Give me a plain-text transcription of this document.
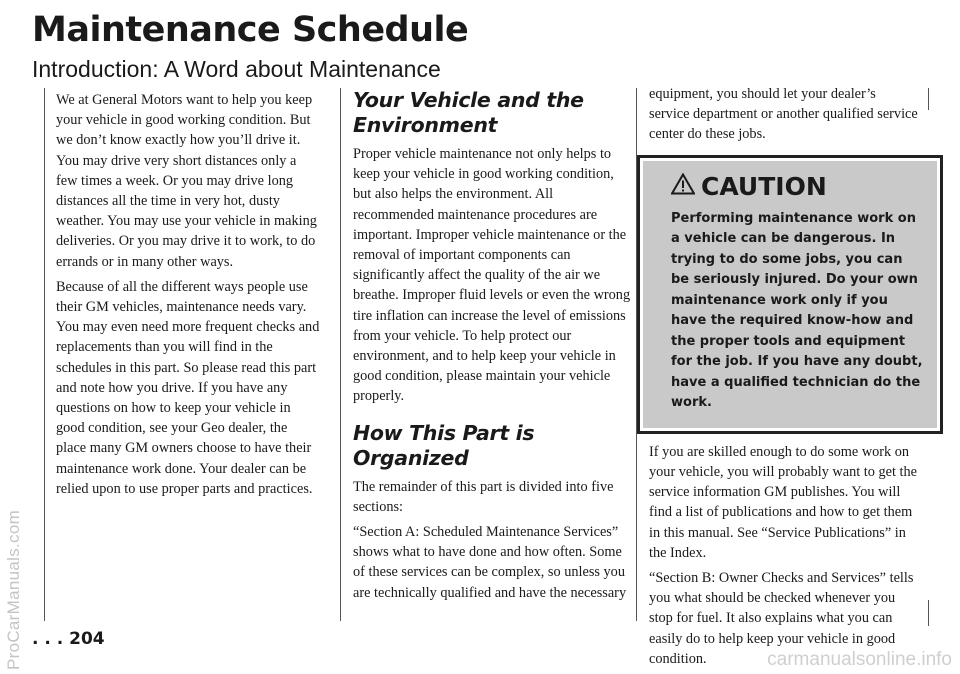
ProCarManuals.com
Maintenance Schedule
Introduction: A Word about Maintenance

We at General Motors want to help you keep your vehicle in good working condition. But we don’t know exactly how you’ll drive it. You may drive very short distances only a few times a week. Or you may drive long distances all the time in very hot, dusty weather. You may use your vehicle in making deliveries. Or you may drive it to work, to do errands or in many other ways.

Because of all the different ways people use their GM vehicles, maintenance needs vary. You may even need more frequent checks and replacements than you will find in the schedules in this part. So please read this part and note how you drive. If you have any questions on how to keep your vehicle in good condition, see your Geo dealer, the place many GM owners choose to have their maintenance work done. Your dealer can be relied upon to use proper parts and practices.

Your Vehicle and the Environment

Proper vehicle maintenance not only helps to keep your vehicle in good working condition, but also helps the environment. All recommended maintenance procedures are important. Improper vehicle maintenance or the removal of important components can significantly affect the quality of the air we breathe. Improper fluid levels or even the wrong tire inflation can increase the level of emissions from your vehicle. To help protect our environment, and to help keep your vehicle in good condition, please maintain your vehicle properly.

How This Part is Organized

The remainder of this part is divided into five sections:

“Section A: Scheduled Maintenance Services” shows what to have done and how often. Some of these services can be complex, so unless you are technically qualified and have the necessary

equipment, you should let your dealer’s service department or another qualified service center do these jobs.

CAUTION
Performing maintenance work on a vehicle can be dangerous. In trying to do some jobs, you can be seriously injured. Do your own maintenance work only if you have the required know-how and the proper tools and equipment for the job. If you have any doubt, have a qualified technician do the work.

If you are skilled enough to do some work on your vehicle, you will probably want to get the service information GM publishes. You will find a list of publications and how to get them in this manual. See “Service Publications” in the Index.

“Section B: Owner Checks and Services” tells you what should be checked whenever you stop for fuel. It also explains what you can easily do to help keep your vehicle in good condition.

. . . 204
carmanualsonline.info
